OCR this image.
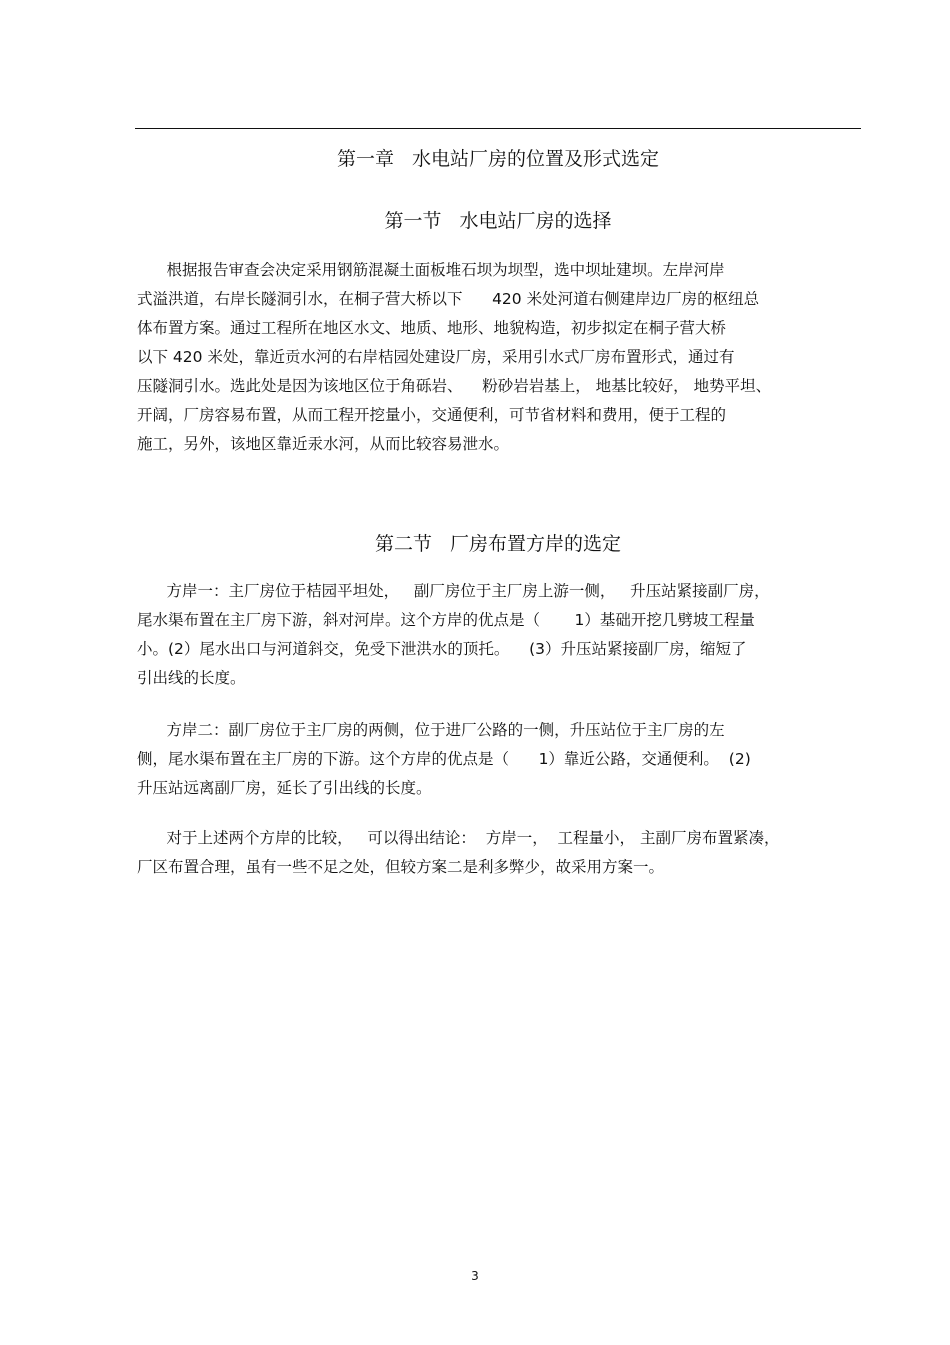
第一章   水电站厂房的位置及形式选定
第一节   水电站厂房的选择
根据报告审查会决定采用钢筋混凝土面板堆石坝为坝型，选中坝址建坝。左岸河岸
式溢洪道，右岸长隧洞引水，在桐子营大桥以下      420 米处河道右侧建岸边厂房的枢纽总
体布置方案。通过工程所在地区水文、地质、地形、地貌构造，初步拟定在桐子营大桥
以下 420 米处，靠近贡水河的右岸桔园处建设厂房，采用引水式厂房布置形式，通过有
压隧洞引水。选此处是因为该地区位于角砾岩、    粉砂岩岩基上， 地基比较好， 地势平坦、
开阔，厂房容易布置，从而工程开挖量小，交通便利，可节省材料和费用，便于工程的
施工，另外，该地区靠近汞水河，从而比较容易泄水。
第二节   厂房布置方岸的选定
方岸一：主厂房位于桔园平坦处，   副厂房位于主厂房上游一侧，   升压站紧接副厂房，
尾水渠布置在主厂房下游，斜对河岸。这个方岸的优点是（       1）基础开挖几劈坡工程量
小。(2）尾水出口与河道斜交，免受下泄洪水的顶托。    (3）升压站紧接副厂房，缩短了
引出线的长度。
方岸二：副厂房位于主厂房的两侧，位于进厂公路的一侧，升压站位于主厂房的左
侧，尾水渠布置在主厂房的下游。这个方岸的优点是（      1）靠近公路，交通便利。  (2)
升压站远离副厂房，延长了引出线的长度。
对于上述两个方岸的比较，   可以得出结论：  方岸一，  工程量小， 主副厂房布置紧凑，
厂区布置合理，虽有一些不足之处，但较方案二是利多弊少，故采用方案一。
3
